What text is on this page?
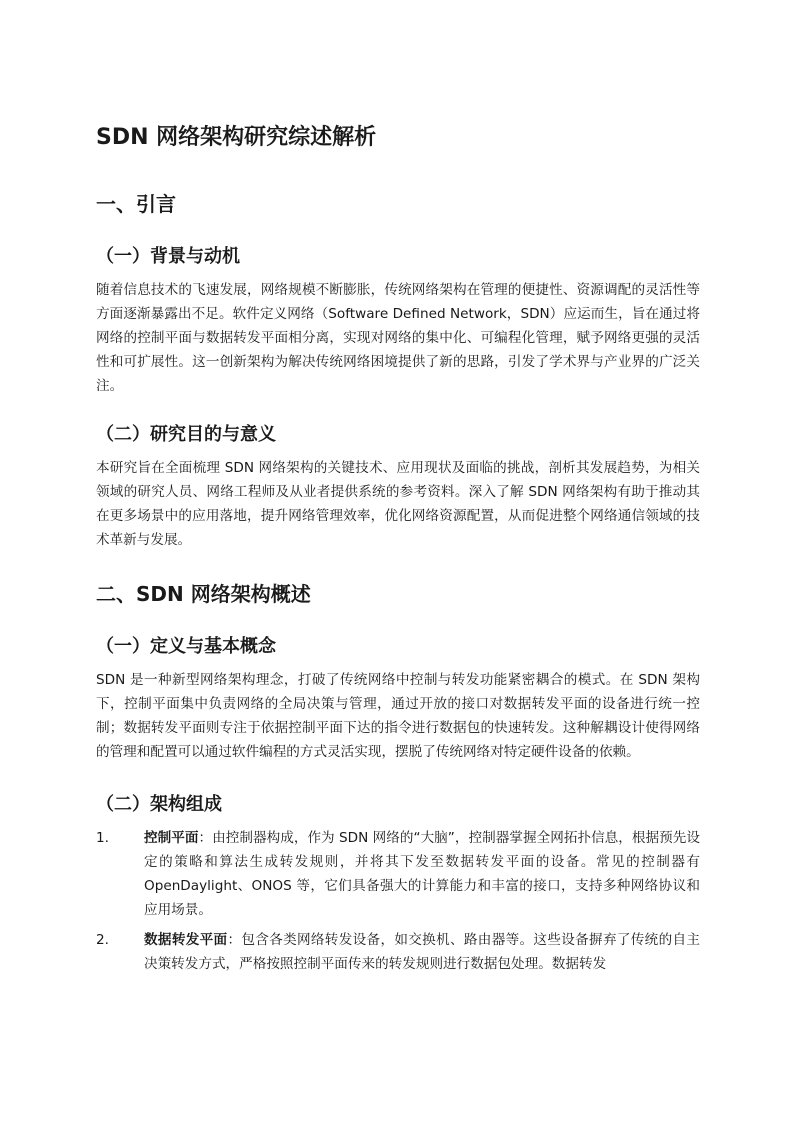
SDN 网络架构研究综述解析
一、引言
（一）背景与动机

随着信息技术的飞速发展，网络规模不断膨胀，传统网络架构在管理的便捷性、资源调配的灵活性等方面逐渐暴露出不足。软件定义网络（Software Defined Network，SDN）应运而生，旨在通过将网络的控制平面与数据转发平面相分离，实现对网络的集中化、可编程化管理，赋予网络更强的灵活性和可扩展性。这一创新架构为解决传统网络困境提供了新的思路，引发了学术界与产业界的广泛关注。

（二）研究目的与意义

本研究旨在全面梳理 SDN 网络架构的关键技术、应用现状及面临的挑战，剖析其发展趋势，为相关领域的研究人员、网络工程师及从业者提供系统的参考资料。深入了解 SDN 网络架构有助于推动其在更多场景中的应用落地，提升网络管理效率，优化网络资源配置，从而促进整个网络通信领域的技术革新与发展。

二、SDN 网络架构概述
（一）定义与基本概念

SDN 是一种新型网络架构理念，打破了传统网络中控制与转发功能紧密耦合的模式。在 SDN 架构下，控制平面集中负责网络的全局决策与管理，通过开放的接口对数据转发平面的设备进行统一控制；数据转发平面则专注于依据控制平面下达的指令进行数据包的快速转发。这种解耦设计使得网络的管理和配置可以通过软件编程的方式灵活实现，摆脱了传统网络对特定硬件设备的依赖。

（二）架构组成
1.	控制平面：由控制器构成，作为 SDN 网络的“大脑”，控制器掌握全网拓扑信息，根据预先设定的策略和算法生成转发规则，并将其下发至数据转发平面的设备。常见的控制器有 OpenDaylight、ONOS 等，它们具备强大的计算能力和丰富的接口，支持多种网络协议和应用场景。
2.	数据转发平面：包含各类网络转发设备，如交换机、路由器等。这些设备摒弃了传统的自主决策转发方式，严格按照控制平面传来的转发规则进行数据包处理。数据转发
